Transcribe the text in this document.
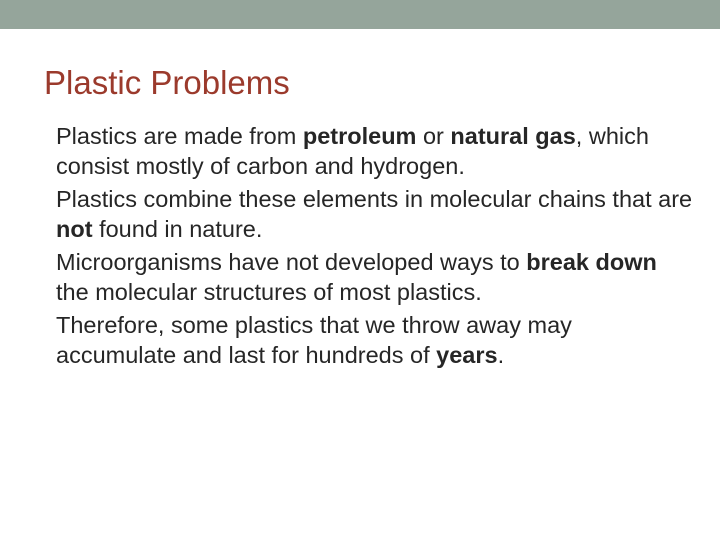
Plastic Problems
Plastics are made from petroleum or natural gas, which consist mostly of carbon and hydrogen.
Plastics combine these elements in molecular chains that are not found in nature.
Microorganisms have not developed ways to break down the molecular structures of most plastics.
Therefore, some plastics that we throw away may accumulate and last for hundreds of years.
